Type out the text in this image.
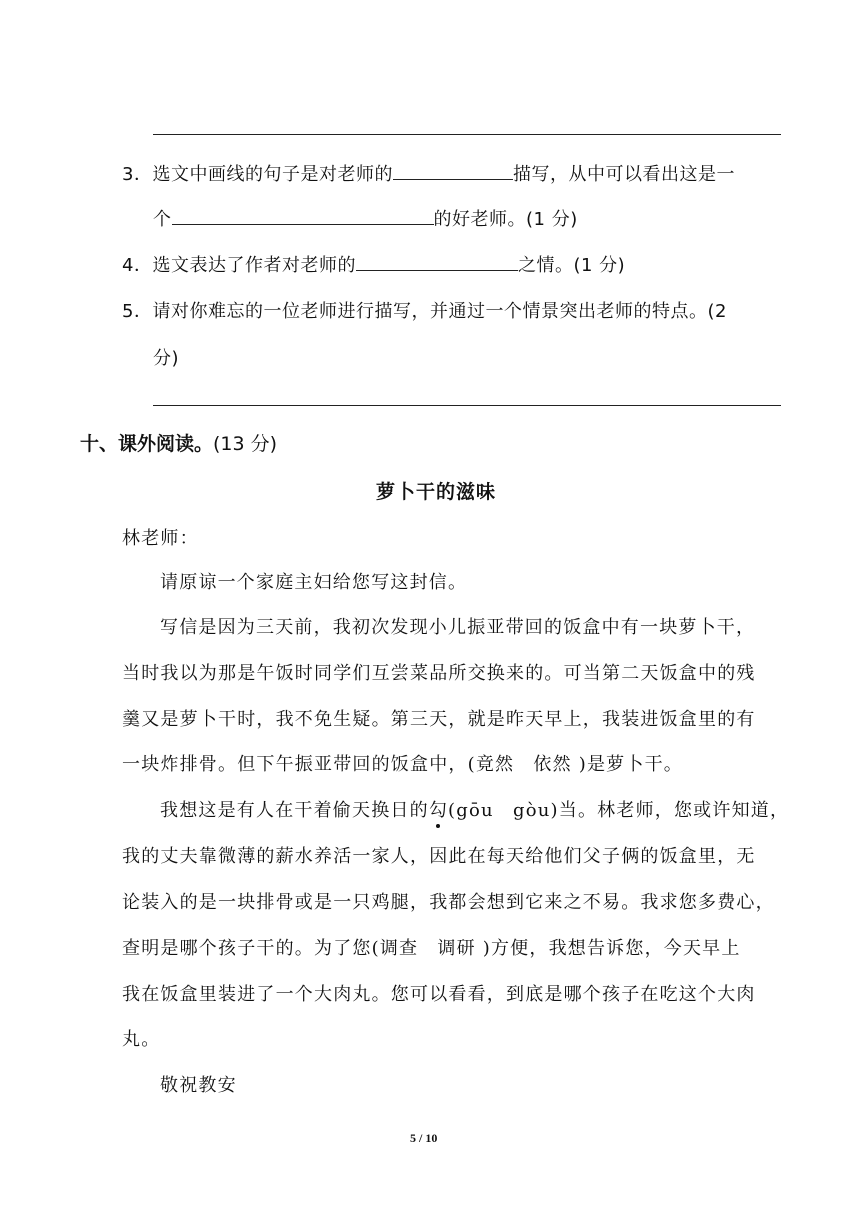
3．选文中画线的句子是对老师的	描写，从中可以看出这是一
个	的好老师。(1 分)
4．选文表达了作者对老师的	之情。(1 分)
5．请对你难忘的一位老师进行描写，并通过一个情景突出老师的特点。(2
分)
十、课外阅读。(13 分)
萝卜干的滋味
林老师：
请原谅一个家庭主妇给您写这封信。
写信是因为三天前，我初次发现小儿振亚带回的饭盒中有一块萝卜干，
当时我以为那是午饭时同学们互尝菜品所交换来的。可当第二天饭盒中的残
羹又是萝卜干时，我不免生疑。第三天，就是昨天早上，我装进饭盒里的有
一块炸排骨。但下午振亚带回的饭盒中，(竟然　依然 )是萝卜干。
我想这是有人在干着偷天换日的勾(gōu　gòu)当。林老师，您或许知道，
我的丈夫靠微薄的薪水养活一家人，因此在每天给他们父子俩的饭盒里，无
论装入的是一块排骨或是一只鸡腿，我都会想到它来之不易。我求您多费心，
查明是哪个孩子干的。为了您(调查　调研 )方便，我想告诉您，今天早上
我在饭盒里装进了一个大肉丸。您可以看看，到底是哪个孩子在吃这个大肉
丸。
敬祝教安
5 / 10
